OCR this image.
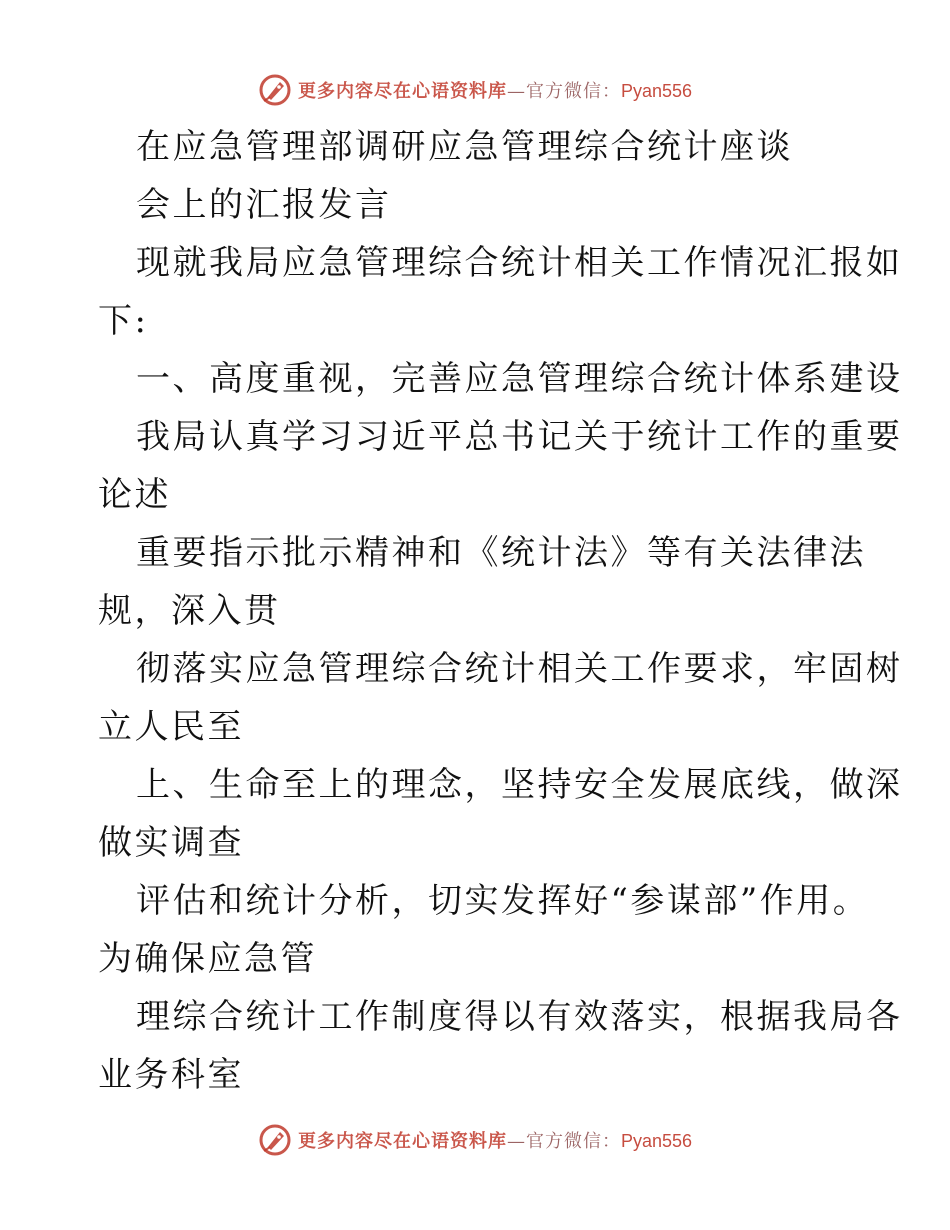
更多内容尽在心语资料库 — 官方微信： Pyan556
在应急管理部调研应急管理综合统计座谈
会上的汇报发言
现就我局应急管理综合统计相关工作情况汇报如
下:
一、高度重视，完善应急管理综合统计体系建设
我局认真学习习近平总书记关于统计工作的重要
论述
重要指示批示精神和《统计法》等有关法律法
规，深入贯
彻落实应急管理综合统计相关工作要求，牢固树
立人民至
上、生命至上的理念，坚持安全发展底线，做深
做实调查
评估和统计分析，切实发挥好“参谋部”作用。
为确保应急管
理综合统计工作制度得以有效落实，根据我局各
业务科室
更多内容尽在心语资料库 — 官方微信： Pyan556
